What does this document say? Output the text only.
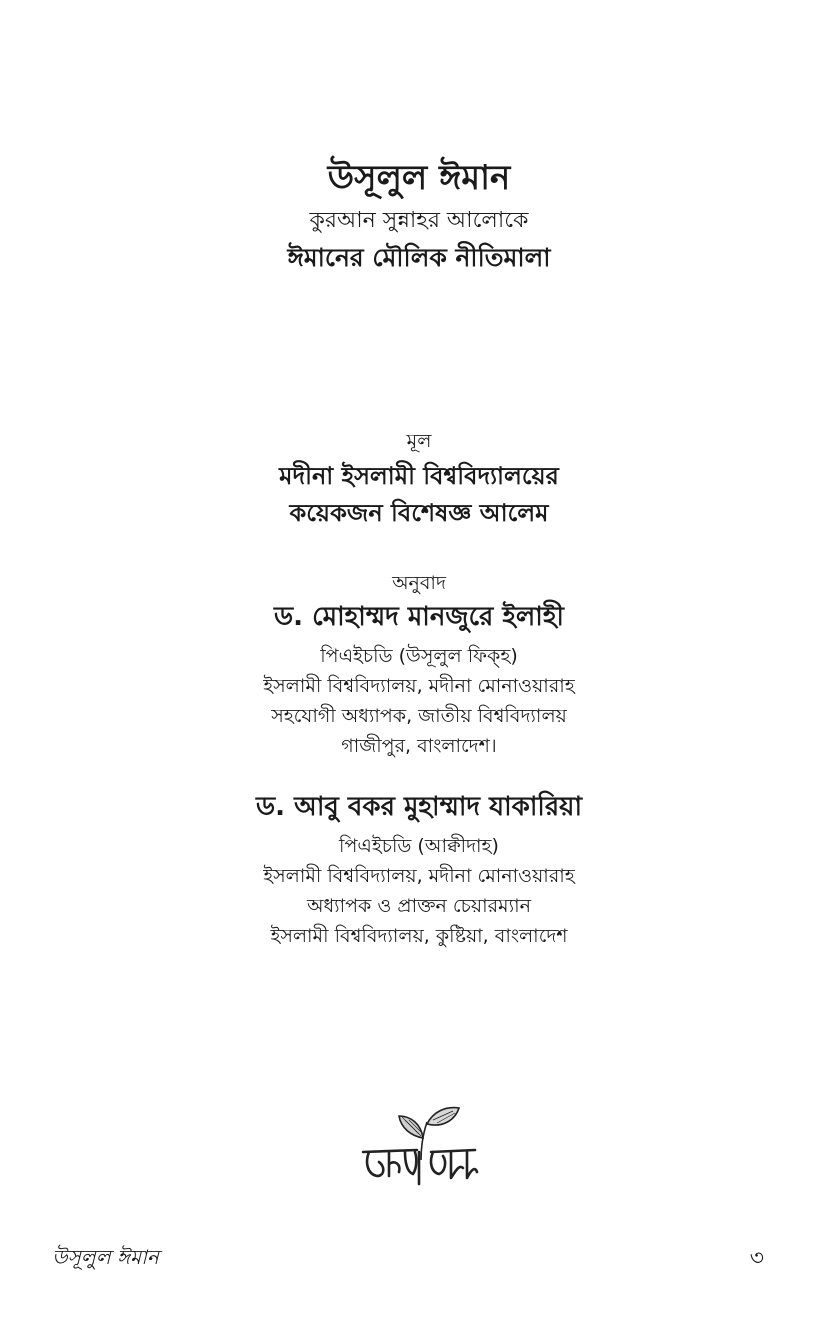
উসূলুল ঈমান
কুরআন সুন্নাহর আলোকে
ঈমানের মৌলিক নীতিমালা
মূল
মদীনা ইসলামী বিশ্ববিদ্যালয়ের
কয়েকজন বিশেষজ্ঞ আলেম
অনুবাদ
ড. মোহাম্মদ মানজুরে ইলাহী
পিএইচডি (উসূলুল ফিক্‌হ)
ইসলামী বিশ্ববিদ্যালয়, মদীনা মোনাওয়ারাহ
সহযোগী অধ্যাপক, জাতীয় বিশ্ববিদ্যালয়
গাজীপুর, বাংলাদেশ।
ড. আবু বকর মুহাম্মাদ যাকারিয়া
পিএইচডি (আক্বীদাহ)
ইসলামী বিশ্ববিদ্যালয়, মদীনা মোনাওয়ারাহ
অধ্যাপক ও প্রাক্তন চেয়ারম্যান
ইসলামী বিশ্ববিদ্যালয়, কুষ্টিয়া, বাংলাদেশ
উসূলুল ঈমান	৩
